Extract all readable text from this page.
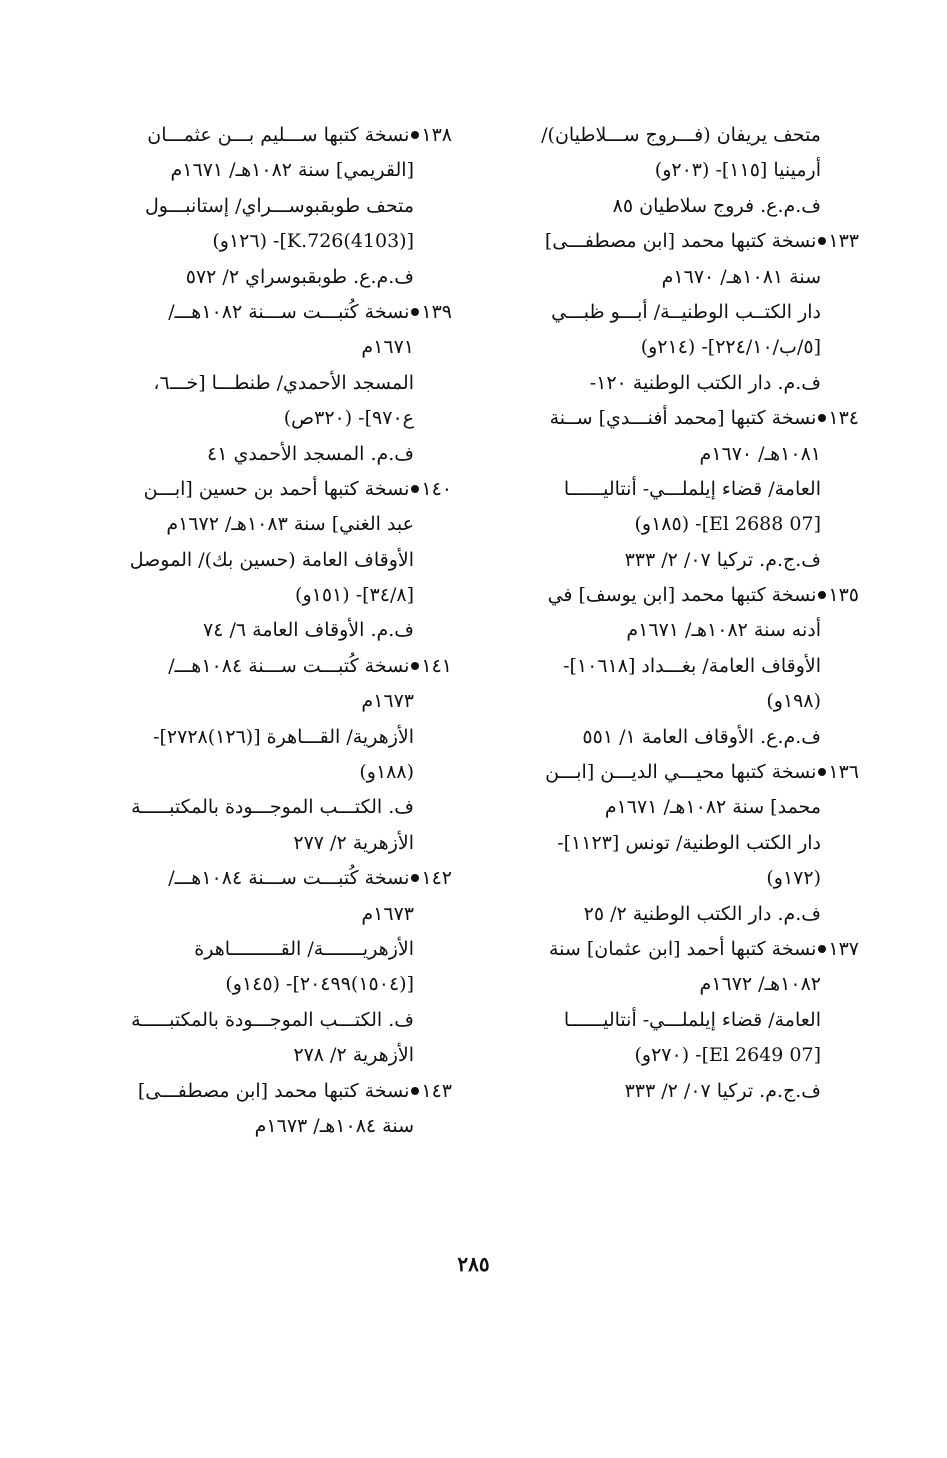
متحف يريفان (فـــروج ســـلاطيان)/
أرمينيا [١١٥]- (٢٠٣و)
ف.م.ع. فروج سلاطيان ٨٥
١٣٣نسخة كتبها محمد [ابن مصطفـــى]
سنة ١٠٨١هـ/ ١٦٧٠م
دار الكتــب الوطنيــة/ أبـــو ظبـــي
[٥/ب/٢٢٤/١٠]- (٢١٤و)
ف.م. دار الكتب الوطنية ١٢٠-
١٣٤نسخة كتبها [محمد أفنـــدي] ســنة
١٠٨١هـ/ ١٦٧٠م
العامة/ قضاء إيلملـــي- أنتاليــــــا
[07 El 2688]- (١٨٥و)
ف.ج.م. تركيا ٠٧/ ٢/ ٣٣٣
١٣٥نسخة كتبها محمد [ابن يوسف] في
أدنه سنة ١٠٨٢هـ/ ١٦٧١م
الأوقاف العامة/ بغـــداد [١٠٦١٨]-
(١٩٨و)
ف.م.ع. الأوقاف العامة ١/ ٥٥١
١٣٦نسخة كتبها محيـــي الديـــن [ابـــن
محمد] سنة ١٠٨٢هـ/ ١٦٧١م
دار الكتب الوطنية/ تونس [١١٢٣]-
(١٧٢و)
ف.م. دار الكتب الوطنية ٢/ ٢٥
١٣٧نسخة كتبها أحمد [ابن عثمان] سنة
١٠٨٢هـ/ ١٦٧٢م
العامة/ قضاء إيلملـــي- أنتاليــــــا
[07 El 2649]- (٢٧٠و)
ف.ج.م. تركيا ٠٧/ ٢/ ٣٣٣
١٣٨نسخة كتبها ســـليم بـــن عثمـــان
[القريمي] سنة ١٠٨٢هـ/ ١٦٧١م
متحف طوبقبوســـراي/ إستانبـــول
[(4103)K.726]- (١٢٦و)
ف.م.ع. طوبقبوسراي ٢/ ٥٧٢
١٣٩نسخة كُتبـــت ســـنة ١٠٨٢هـــ/
١٦٧١م
المسجد الأحمدي/ طنطـــا [خـــ٦،
ع٩٧٠]- (٣٢٠ص)
ف.م. المسجد الأحمدي ٤١
١٤٠نسخة كتبها أحمد بن حسين [ابـــن
عبد الغني] سنة ١٠٨٣هـ/ ١٦٧٢م
الأوقاف العامة (حسين بك)/ الموصل
[٣٤/٨]- (١٥١و)
ف.م. الأوقاف العامة ٦/ ٧٤
١٤١نسخة كُتبـــت ســـنة ١٠٨٤هـــ/
١٦٧٣م
الأزهرية/ القـــاهرة [(١٢٦)٢٧٢٨]-
(١٨٨و)
ف. الكتـــب الموجـــودة بالمكتبـــــة
الأزهرية ٢/ ٢٧٧
١٤٢نسخة كُتبـــت ســـنة ١٠٨٤هـــ/
١٦٧٣م
الأزهريـــــــة/ القـــــــــاهرة
[(١٥٠٤)٢٠٤٩٩]- (١٤٥و)
ف. الكتـــب الموجـــودة بالمكتبـــــة
الأزهرية ٢/ ٢٧٨
١٤٣نسخة كتبها محمد [ابن مصطفـــى]
سنة ١٠٨٤هـ/ ١٦٧٣م
٢٨٥
